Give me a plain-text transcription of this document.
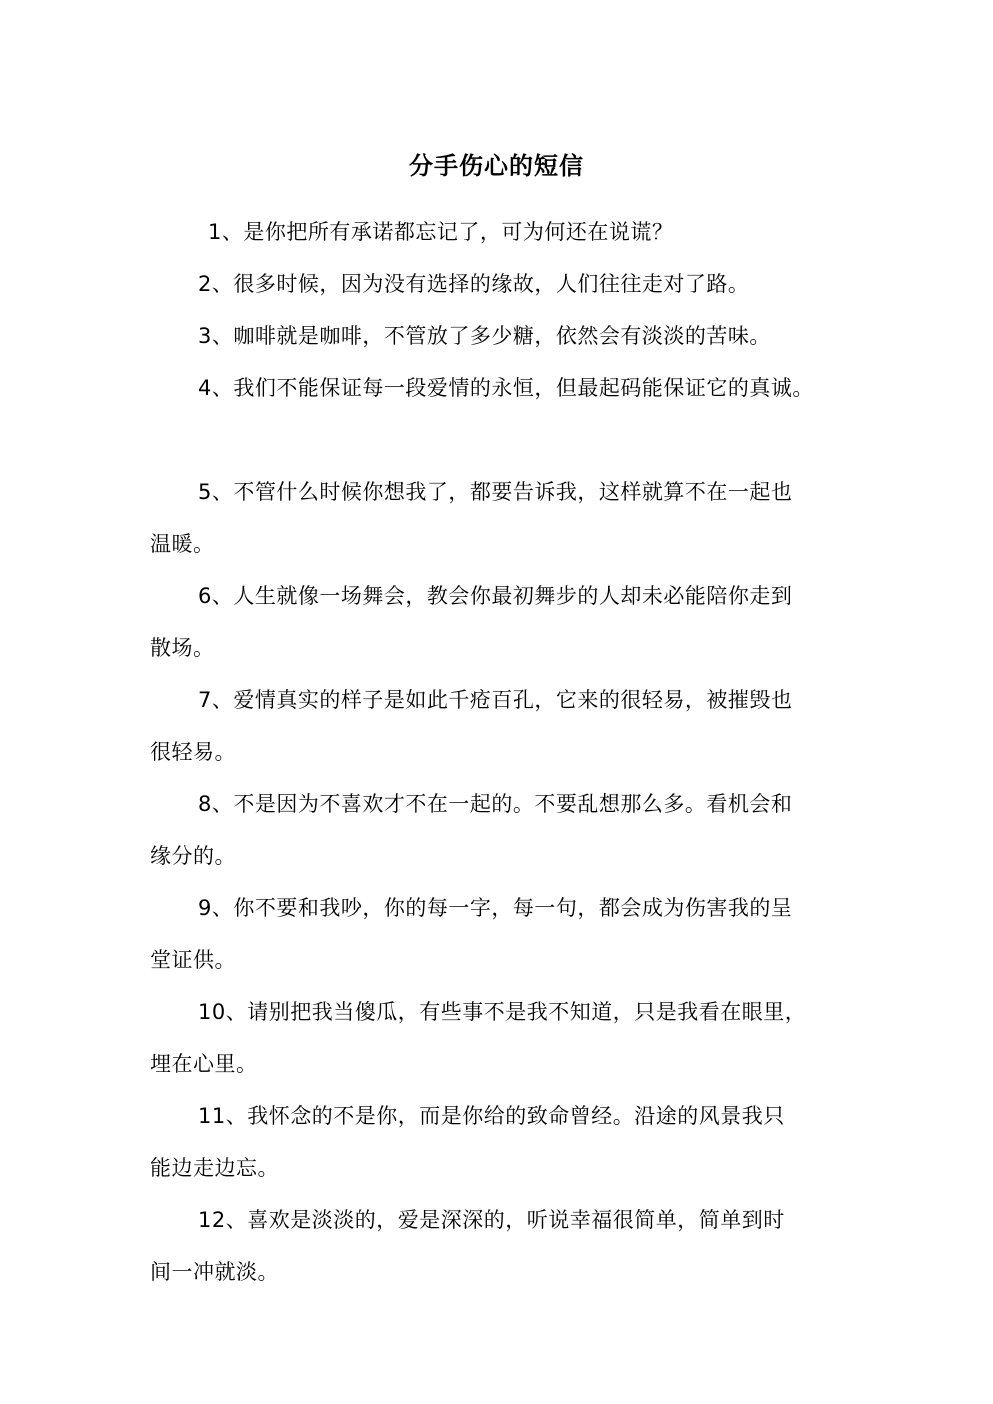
分手伤心的短信

1、是你把所有承诺都忘记了，可为何还在说谎？

2、很多时候，因为没有选择的缘故，人们往往走对了路。

3、咖啡就是咖啡，不管放了多少糖，依然会有淡淡的苦味。

4、我们不能保证每一段爱情的永恒，但最起码能保证它的真诚。

5、不管什么时候你想我了，都要告诉我，这样就算不在一起也
温暖。

6、人生就像一场舞会，教会你最初舞步的人却未必能陪你走到
散场。

7、爱情真实的样子是如此千疮百孔，它来的很轻易，被摧毁也
很轻易。

8、不是因为不喜欢才不在一起的。不要乱想那么多。看机会和
缘分的。

9、你不要和我吵，你的每一字，每一句，都会成为伤害我的呈
堂证供。

10、请别把我当傻瓜，有些事不是我不知道，只是我看在眼里，
埋在心里。

11、我怀念的不是你，而是你给的致命曾经。沿途的风景我只
能边走边忘。

12、喜欢是淡淡的，爱是深深的，听说幸福很简单，简单到时
间一冲就淡。
